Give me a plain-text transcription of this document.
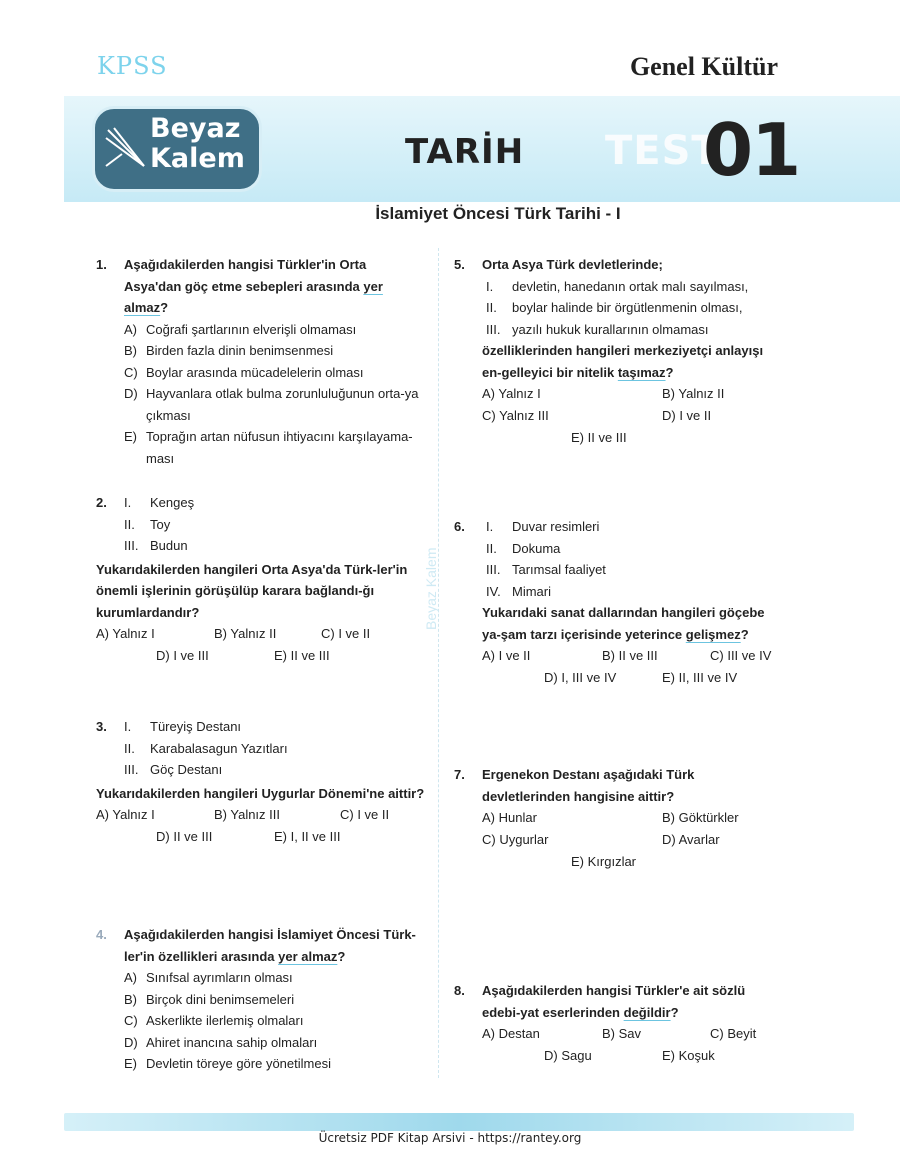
KPSS	Genel Kültür
Beyaz
Kalem	TARİH TEST
01
İslamiyet Öncesi Türk Tarihi - I
Beyaz Kalem
1. Aşağıdakilerden hangisi Türkler'in Orta Asya'dan göç etme sebepleri arasında yer almaz?
A) Coğrafi şartlarının elverişli olmaması
B) Birden fazla dinin benimsenmesi
C) Boylar arasında mücadelelerin olması
D) Hayvanlara otlak bulma zorunluluğunun orta-ya çıkması
E) Toprağın artan nüfusun ihtiyacını karşılayama-ması
2. I.	Kengeş
II.	Toy
III. Budun
Yukarıdakilerden hangileri Orta Asya'da Türk-ler'in önemli işlerinin görüşülüp karara bağlandı-ğı kurumlardandır?
A) Yalnız I	B) Yalnız II	C) I ve II
D) I ve III	E) II ve III
3. I.	Türeyiş Destanı
II.	Karabalasagun Yazıtları
III. Göç Destanı
Yukarıdakilerden hangileri Uygurlar Dönemi'ne aittir?
A) Yalnız I	B) Yalnız III	C) I ve II
D) II ve III	E) I, II ve III
4. Aşağıdakilerden hangisi İslamiyet Öncesi Türk-ler'in özellikleri arasında yer almaz?
A) Sınıfsal ayrımların olması
B) Birçok dini benimsemeleri
C) Askerlikte ilerlemiş olmaları
D) Ahiret inancına sahip olmaları
E) Devletin töreye göre yönetilmesi
5. Orta Asya Türk devletlerinde;
I.	devletin, hanedanın ortak malı sayılması,
II.	boylar halinde bir örgütlenmenin olması,
III. yazılı hukuk kurallarının olmaması
özelliklerinden hangileri merkeziyetçi anlayışı en-gelleyici bir nitelik taşımaz?
A) Yalnız I	B) Yalnız II
C) Yalnız III	D) I ve II
E) II ve III
6. I.	Duvar resimleri
II.	Dokuma
III. Tarımsal faaliyet
IV. Mimari
Yukarıdaki sanat dallarından hangileri göçebe ya-şam tarzı içerisinde yeterince gelişmez?
A) I ve II	B) II ve III	C) III ve IV
D) I, III ve IV	E) II, III ve IV
7. Ergenekon Destanı aşağıdaki Türk devletlerinden hangisine aittir?
A) Hunlar	B) Göktürkler
C) Uygurlar	D) Avarlar
E) Kırgızlar
8. Aşağıdakilerden hangisi Türkler'e ait sözlü edebi-yat eserlerinden değildir?
A) Destan	B) Sav	C) Beyit
D) Sagu	E) Koşuk
Ücretsiz PDF Kitap Arsivi - https://rantey.org
